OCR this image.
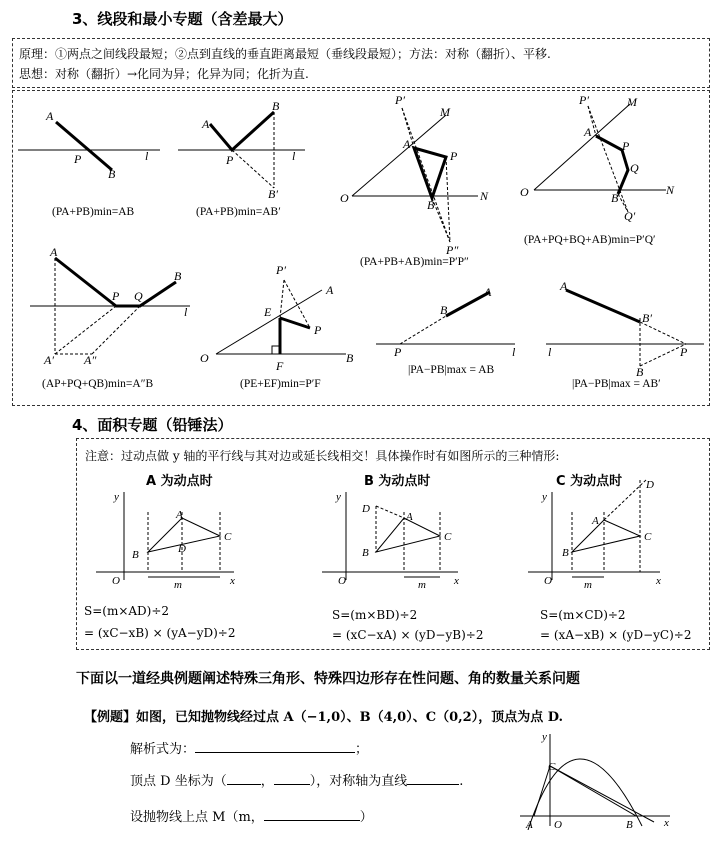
3、线段和最小专题（含差最大）
原理：①两点之间线段最短；②点到直线的垂直距离最短（垂线段最短）；方法：对称（翻折）、平移.
思想：对称（翻折）→化同为异；化异为同；化折为直.
A
P	l
B
A
P	l
B
B′
P′
M
A
P
O	B
N
P″
P′	M
A
P
Q
O	B
N
Q′
A
P Q
B
l
A′	A″
P′
A
E
P
O
F
B
B
A
P	l
A
B′
l	P
B
(PA+PB)min=AB	(PA+PB)min=AB′
(PA+PB+AB)min=P′P″
(PA+PQ+BQ+AB)min=P′Q′
(AP+PQ+QB)min=A″B	(PE+EF)min=P′F
|PA−PB|max = AB
|PA−PB|max = AB′
4、面积专题（铅锤法）
注意：过动点做 y 轴的平行线与其对边或延长线相交！具体操作时有如图所示的三种情形:
y
O	x
A
B
C
D
m
y
O	x
A
B
C
D
m
y
O	x
A
B
C
D
m
A 为动点时	B 为动点时	C 为动点时
S=(m×AD)÷2
= (xC−xB) × (yA−yD)÷2
S=(m×BD)÷2
= (xC−xA) × (yD−yB)÷2
S=(m×CD)÷2
= (xA−xB) × (yD−yC)÷2
下面以一道经典例题阐述特殊三角形、特殊四边形存在性问题、角的数量关系问题
【例题】如图，已知抛物线经过点 A（−1,0）、B（4,0）、C（0,2），顶点为点 D.
解析式为：	；
顶点 D 坐标为（	，	），对称轴为直线	.
设抛物线上点 M（m，	）
y
C
A O	B	x
